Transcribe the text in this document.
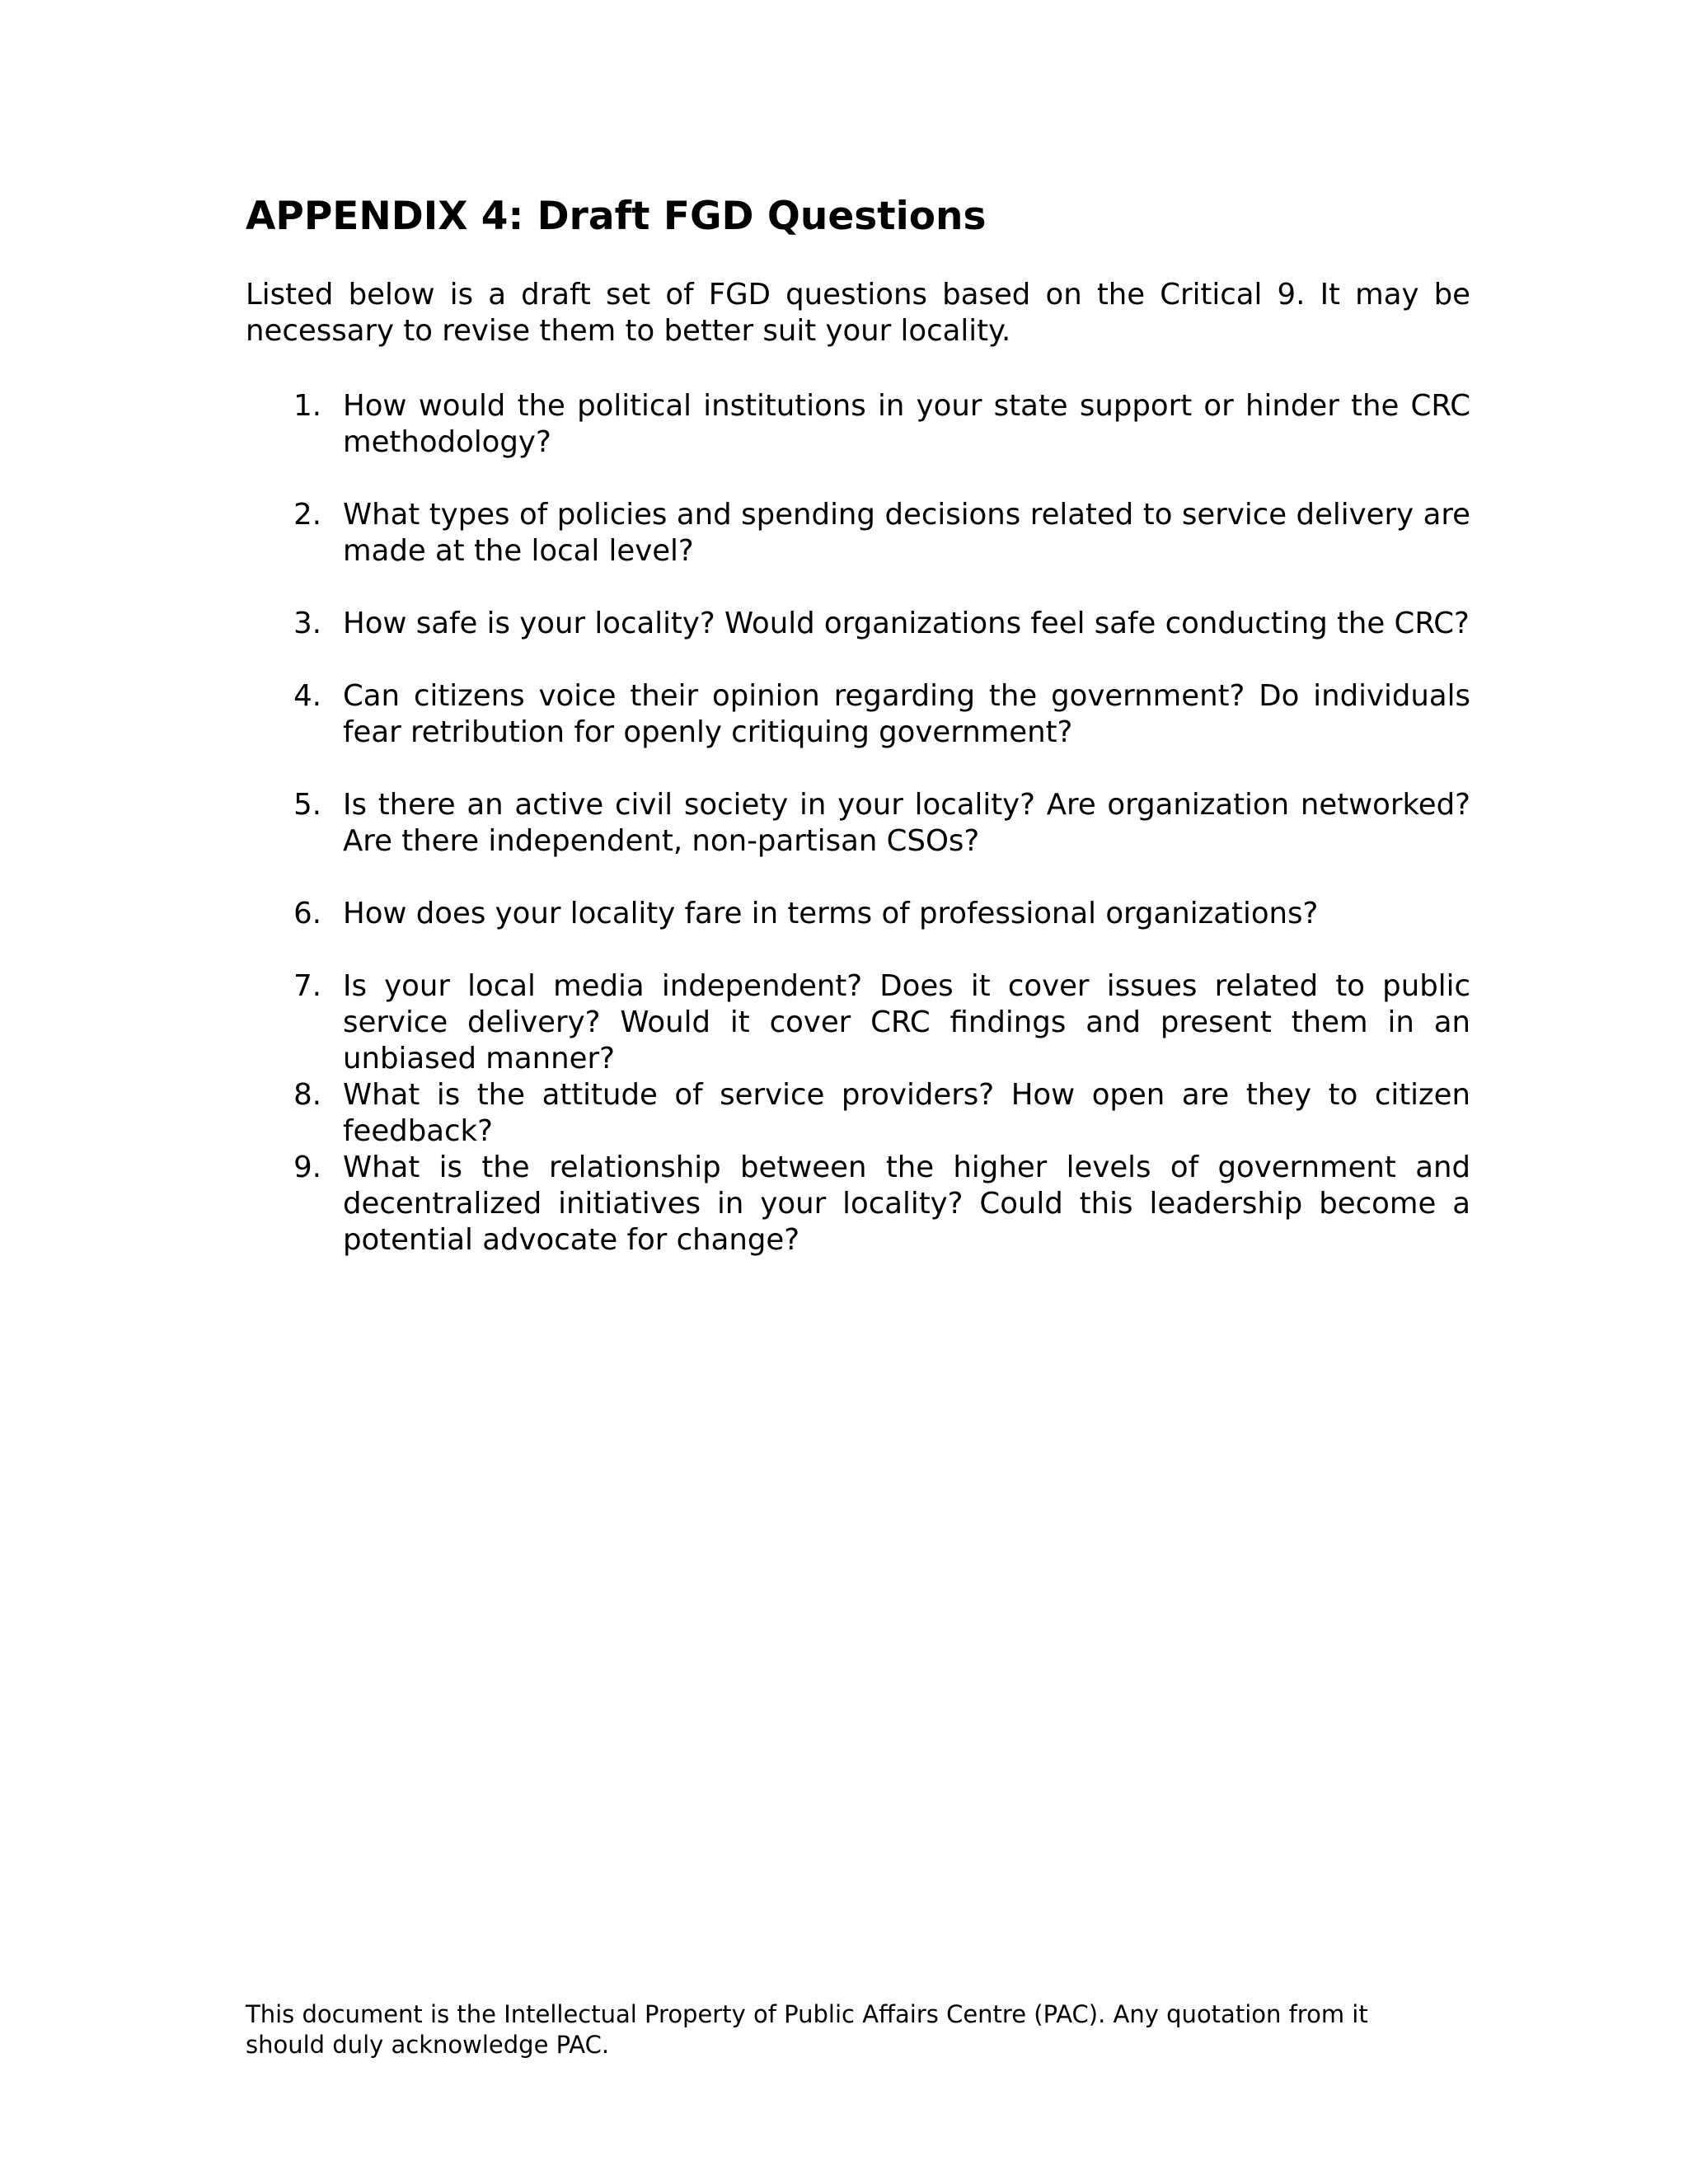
APPENDIX 4: Draft FGD Questions

Listed below is a draft set of FGD questions based on the Critical 9. It may be necessary to revise them to better suit your locality.

1. How would the political institutions in your state support or hinder the CRC methodology?
2. What types of policies and spending decisions related to service delivery are made at the local level?
3. How safe is your locality? Would organizations feel safe conducting the CRC?
4. Can citizens voice their opinion regarding the government? Do individuals fear retribution for openly critiquing government?
5. Is there an active civil society in your locality? Are organization networked? Are there independent, non-partisan CSOs?
6. How does your locality fare in terms of professional organizations?
7. Is your local media independent? Does it cover issues related to public service delivery? Would it cover CRC findings and present them in an unbiased manner?
8. What is the attitude of service providers? How open are they to citizen feedback?
9. What is the relationship between the higher levels of government and decentralized initiatives in your locality? Could this leadership become a potential advocate for change?

This document is the Intellectual Property of Public Affairs Centre (PAC). Any quotation from it should duly acknowledge PAC.
